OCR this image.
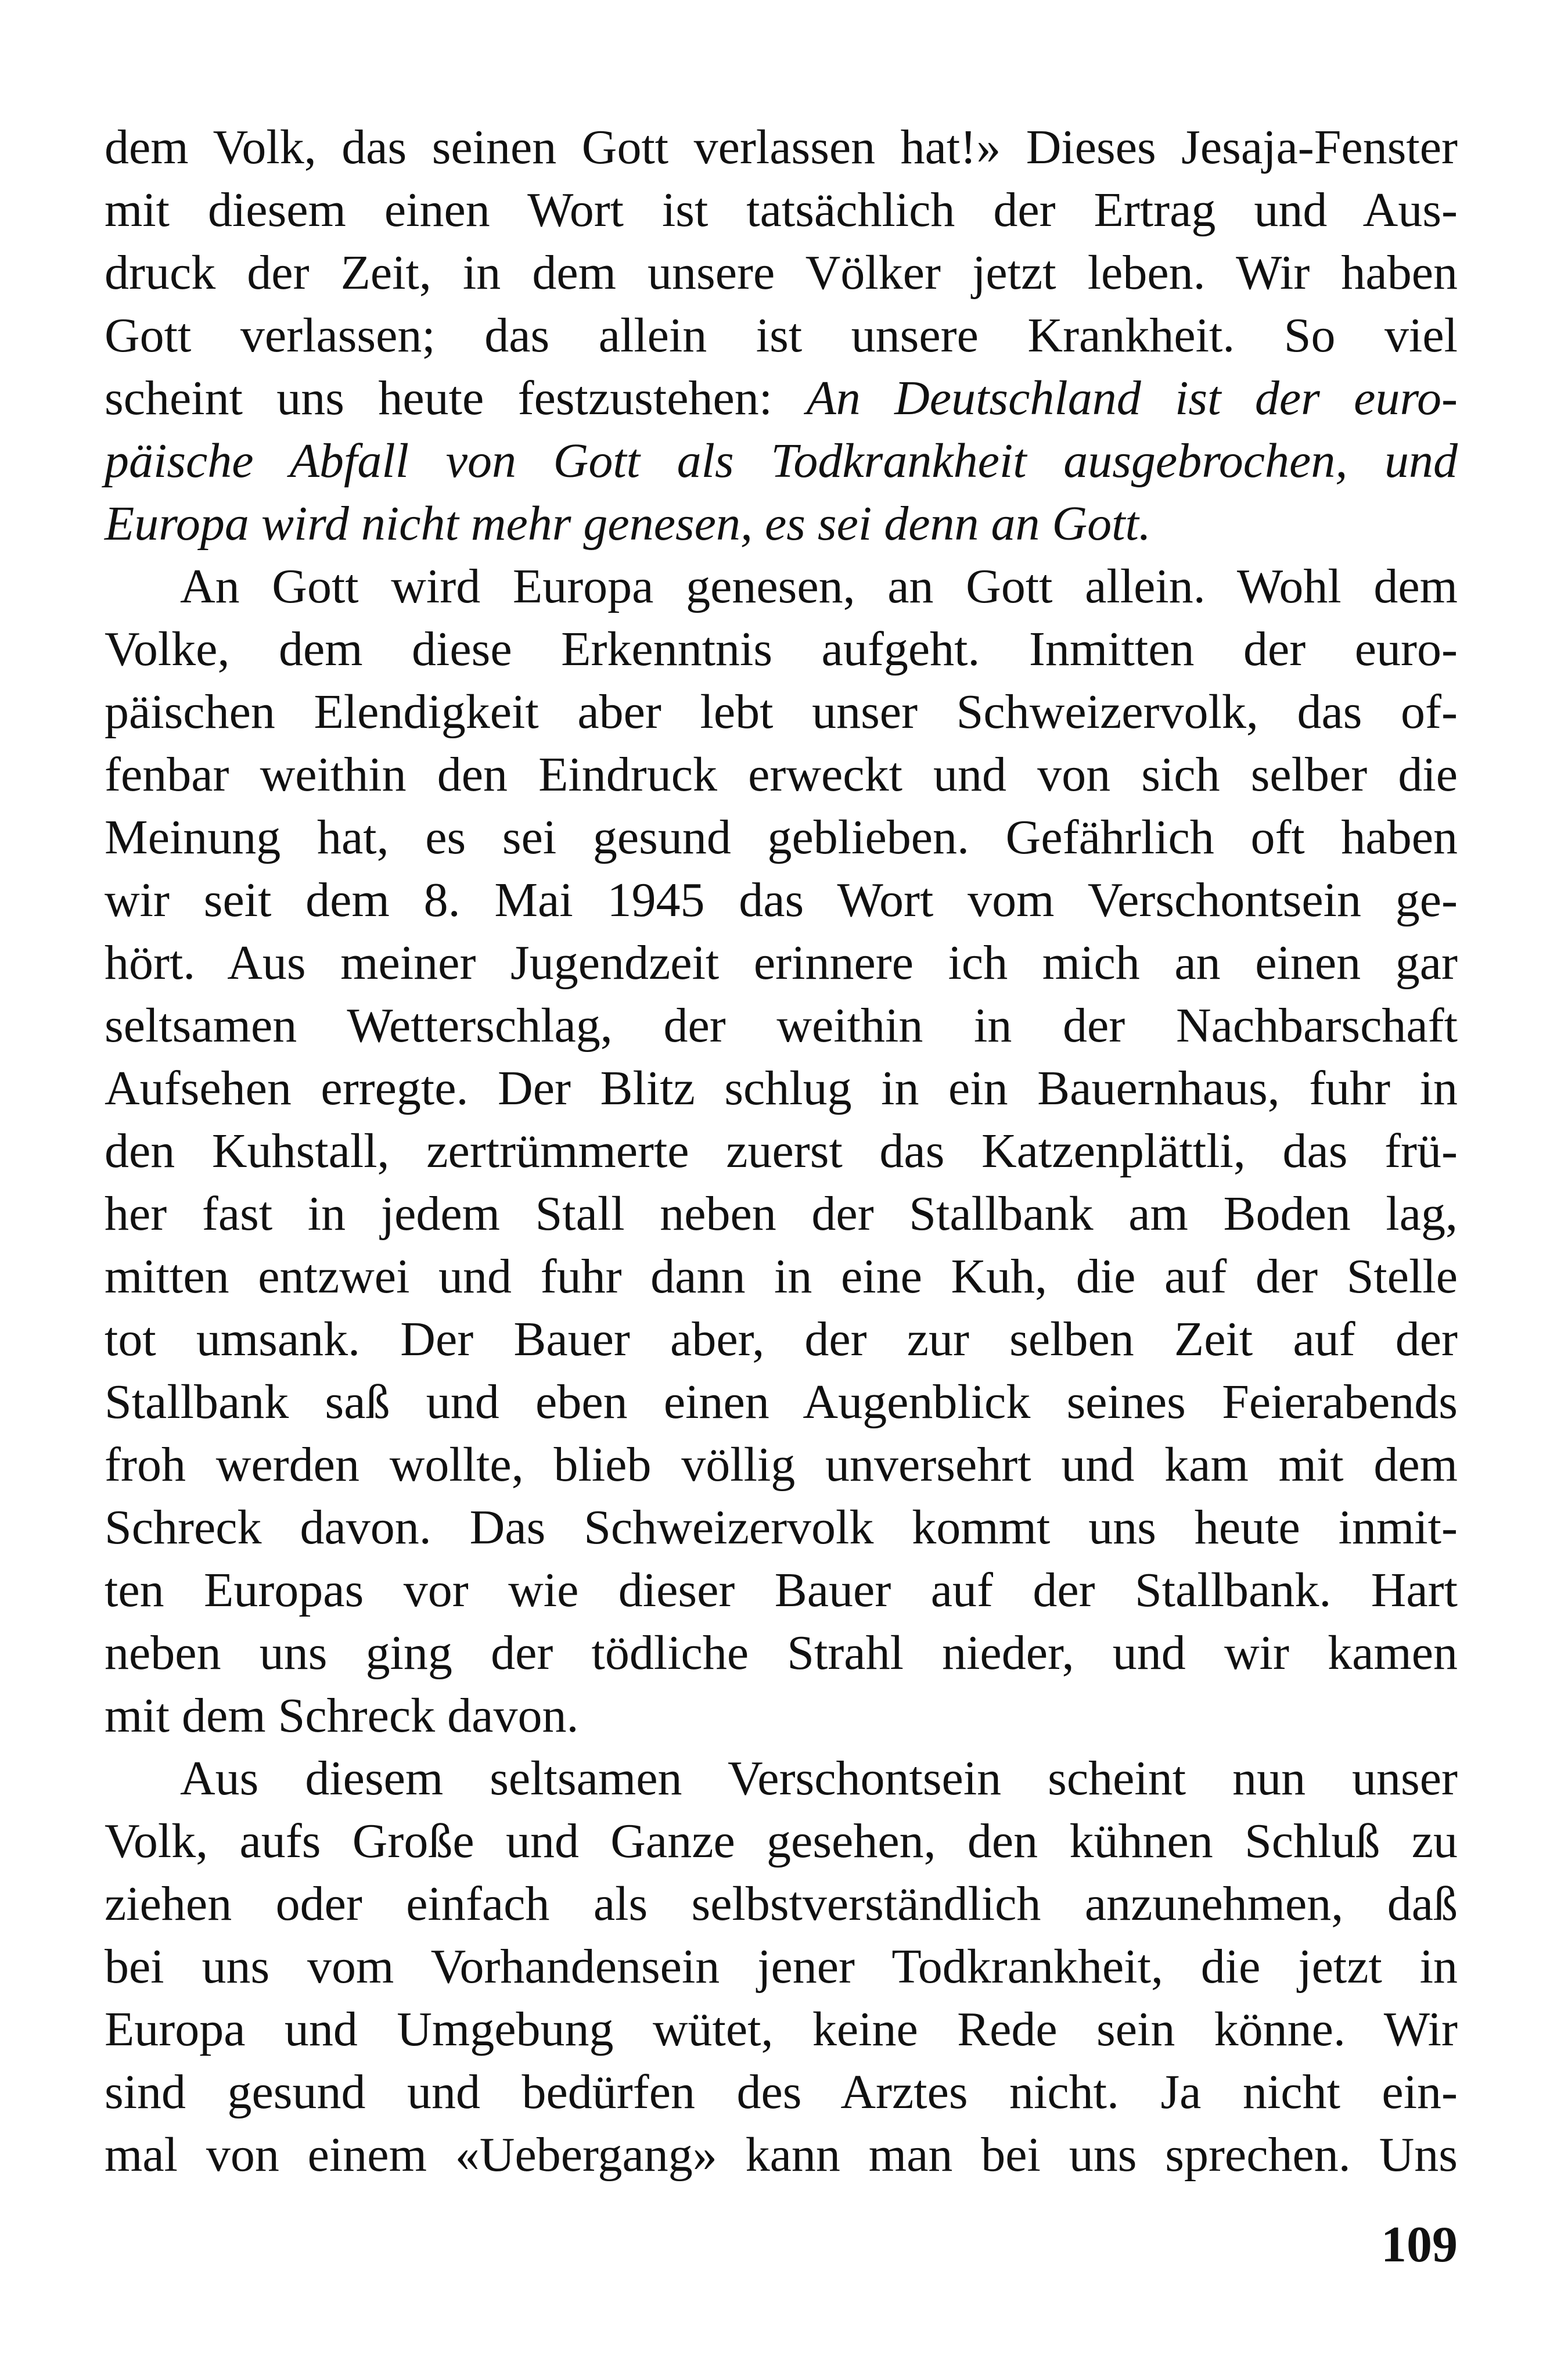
dem Volk, das seinen Gott verlassen hat!» Dieses Jesaja-Fenster
mit diesem einen Wort ist tatsächlich der Ertrag und Aus-
druck der Zeit, in dem unsere Völker jetzt leben. Wir haben
Gott verlassen; das allein ist unsere Krankheit. So viel
scheint uns heute festzustehen: An Deutschland ist der euro-
päische Abfall von Gott als Todkrankheit ausgebrochen, und
Europa wird nicht mehr genesen, es sei denn an Gott.
An Gott wird Europa genesen, an Gott allein. Wohl dem
Volke, dem diese Erkenntnis aufgeht. Inmitten der euro-
päischen Elendigkeit aber lebt unser Schweizervolk, das of-
fenbar weithin den Eindruck erweckt und von sich selber die
Meinung hat, es sei gesund geblieben. Gefährlich oft haben
wir seit dem 8. Mai 1945 das Wort vom Verschontsein ge-
hört. Aus meiner Jugendzeit erinnere ich mich an einen gar
seltsamen Wetterschlag, der weithin in der Nachbarschaft
Aufsehen erregte. Der Blitz schlug in ein Bauernhaus, fuhr in
den Kuhstall, zertrümmerte zuerst das Katzenplättli, das frü-
her fast in jedem Stall neben der Stallbank am Boden lag,
mitten entzwei und fuhr dann in eine Kuh, die auf der Stelle
tot umsank. Der Bauer aber, der zur selben Zeit auf der
Stallbank saß und eben einen Augenblick seines Feierabends
froh werden wollte, blieb völlig unversehrt und kam mit dem
Schreck davon. Das Schweizervolk kommt uns heute inmit-
ten Europas vor wie dieser Bauer auf der Stallbank. Hart
neben uns ging der tödliche Strahl nieder, und wir kamen
mit dem Schreck davon.
Aus diesem seltsamen Verschontsein scheint nun unser
Volk, aufs Große und Ganze gesehen, den kühnen Schluß zu
ziehen oder einfach als selbstverständlich anzunehmen, daß
bei uns vom Vorhandensein jener Todkrankheit, die jetzt in
Europa und Umgebung wütet, keine Rede sein könne. Wir
sind gesund und bedürfen des Arztes nicht. Ja nicht ein-
mal von einem «Uebergang» kann man bei uns sprechen. Uns
109
